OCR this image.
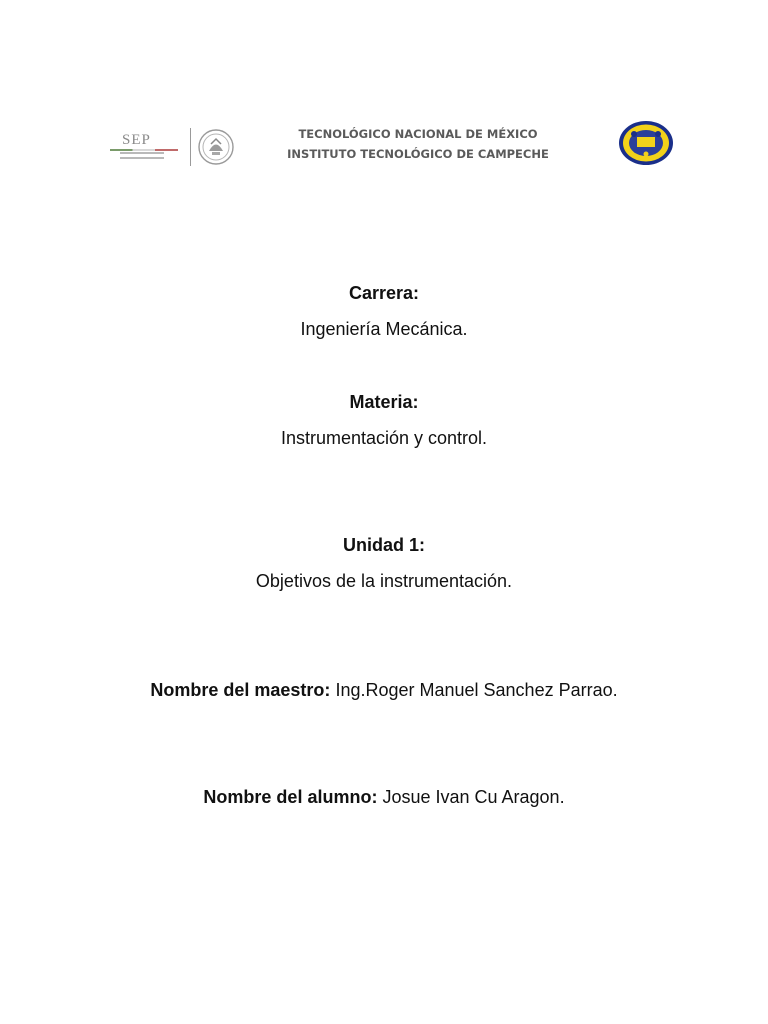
SEP	TECNOLÓGICO NACIONAL DE MÉXICO
INSTITUTO TECNOLÓGICO DE CAMPECHE
Carrera:
Ingeniería Mecánica.
Materia:
Instrumentación y control.
Unidad 1:
Objetivos de la instrumentación.
Nombre del maestro: Ing.Roger Manuel Sanchez Parrao.
Nombre del alumno: Josue Ivan Cu Aragon.
